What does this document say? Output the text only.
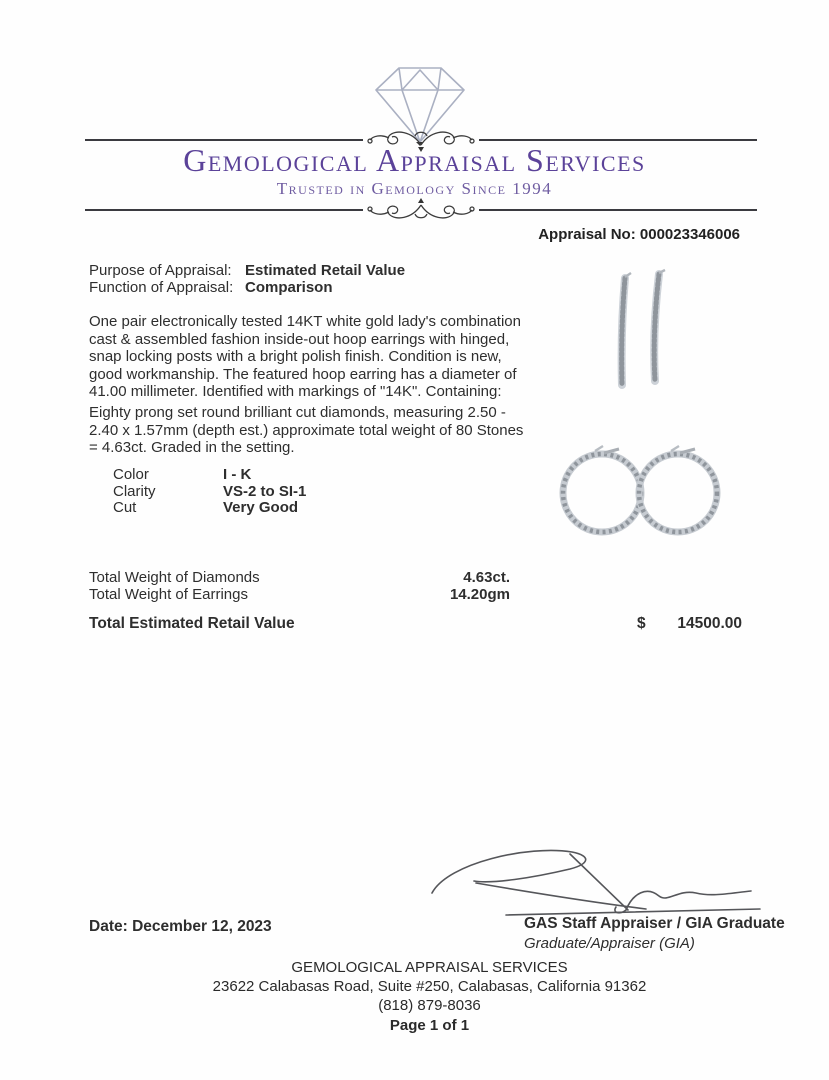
Gemological Appraisal Services
Trusted in Gemology Since 1994
Appraisal No: 000023346006
Purpose of Appraisal: Estimated Retail Value
Function of Appraisal: Comparison
One pair electronically tested 14KT white gold lady's combination
cast & assembled fashion inside-out hoop earrings with hinged,
snap locking posts with a bright polish finish. Condition is new,
good workmanship. The featured hoop earring has a diameter of
41.00 millimeter. Identified with markings of "14K". Containing:
Eighty prong set round brilliant cut diamonds, measuring 2.50 -
2.40 x 1.57mm (depth est.) approximate total weight of 80 Stones
= 4.63ct. Graded in the setting.
Color	I - K
Clarity	VS-2 to SI-1
Cut	Very Good
Total Weight of Diamonds	4.63ct.
Total Weight of Earrings	14.20gm
Total Estimated Retail Value	$ 14500.00
Date: December 12, 2023	GAS Staff Appraiser / GIA Graduate
Graduate/Appraiser (GIA)
GEMOLOGICAL APPRAISAL SERVICES
23622 Calabasas Road, Suite #250, Calabasas, California 91362
(818) 879-8036
Page 1 of 1
